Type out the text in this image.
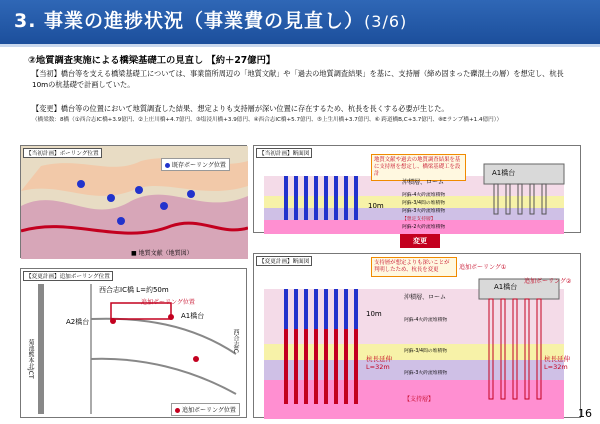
3. 事業の進捗状況（事業費の見直し）(3/6)
②地質調査実施による橋梁基礎工の見直し 【約＋27億円】
【当初】橋台等を支える橋梁基礎工については、事業箇所周辺の「地質文献」や「過去の地質調査結果」を基に、支持層（締め固まった礫混土の層）を想定し、杭長10mの杭基礎で計画していた。
【変更】橋台等の位置において地質調査した結果、想定よりも支持層が深い位置に存在するため、杭長を長くする必要が生じた。
（橋梁数：8橋（①西合志IC橋+3.9億円、②上庄川橋+4.7億円、③塩浸川橋+3.9億円、④西合志IC橋+5.7億円、⑤上生川橋+3.7億円、⑥ 跨道橋B,C+3.7億円、⑧Eランプ橋+1.4億円））
【当初計画】ボーリング位置
既存ボーリング位置
■ 地質文献（地質図）
【当初計画】断面図
地質文献や過去の地質調査結果を基に支持層を想定し、橋梁基礎工を設計	A1橋台
10m
沖積層、ローム
阿蘇-4火砕流堆積物
阿蘇-3/4間の堆積物
阿蘇-3火砕流堆積物
【想定支持層】
阿蘇-2火砕流堆積物
変更
【変更計画】追加ボーリング位置
西合志IC橋 L=約50m
A2橋台
A1橋台
追加ボーリング位置
菊池熊本北JCT	西合志IC
追加ボーリング位置
【変更計画】断面図	支持層が想定よりも深いことが判明したため、杭長を変更	追加ボーリング①
追加ボーリング②
A1橋台
10m
杭長延伸 L=32m
杭長延伸 L=32m
沖積層、ローム
阿蘇-4火砕流堆積物
阿蘇-3/4間の堆積物
阿蘇-3火砕流堆積物
【支持層】
16
